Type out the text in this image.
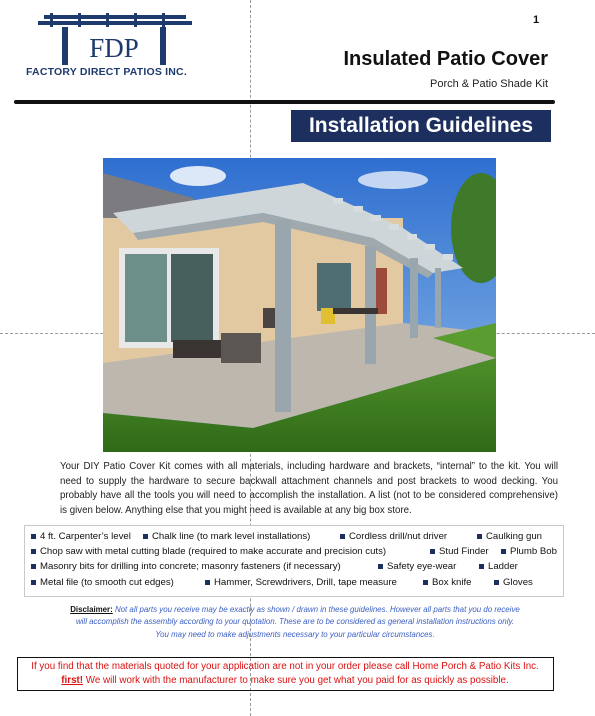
FDP
FACTORY DIRECT PATIOS INC.
1
Insulated Patio Cover
Porch & Patio Shade Kit
Installation Guidelines
Your DIY Patio Cover Kit comes with all materials, including hardware and brackets, “internal” to the kit. You will need to supply the hardware to secure backwall attachment channels and post brackets to wood decking. You probably have all the tools you will need to accomplish the installation. A list (not to be considered comprehensive) is given below. Anything else that you might need is available at any big box store.
4 ft. Carpenter’s level Chalk line (to mark level installations)	Cordless drill/nut driver	Caulking gun
Chop saw with metal cutting blade (required to make accurate and precision cuts)	Stud Finder Plumb Bob
Masonry bits for drilling into concrete; masonry fasteners (if necessary)	Safety eye-wear	Ladder
Metal file (to smooth cut edges)	Hammer, Screwdrivers, Drill, tape measure	Box knife	Gloves
Disclaimer: Not all parts you receive may be exactly as shown / drawn in these guidelines. However all parts that you do receive
will accomplish the assembly according to your quotation. These are to be considered as general installation instructions only.
You may need to make adjustments necessary to your particular circumstances.
If you find that the materials quoted for your application are not in your order please call Home Porch & Patio Kits Inc. first! We will work with the manufacturer to make sure you get what you paid for as quickly as possible.
